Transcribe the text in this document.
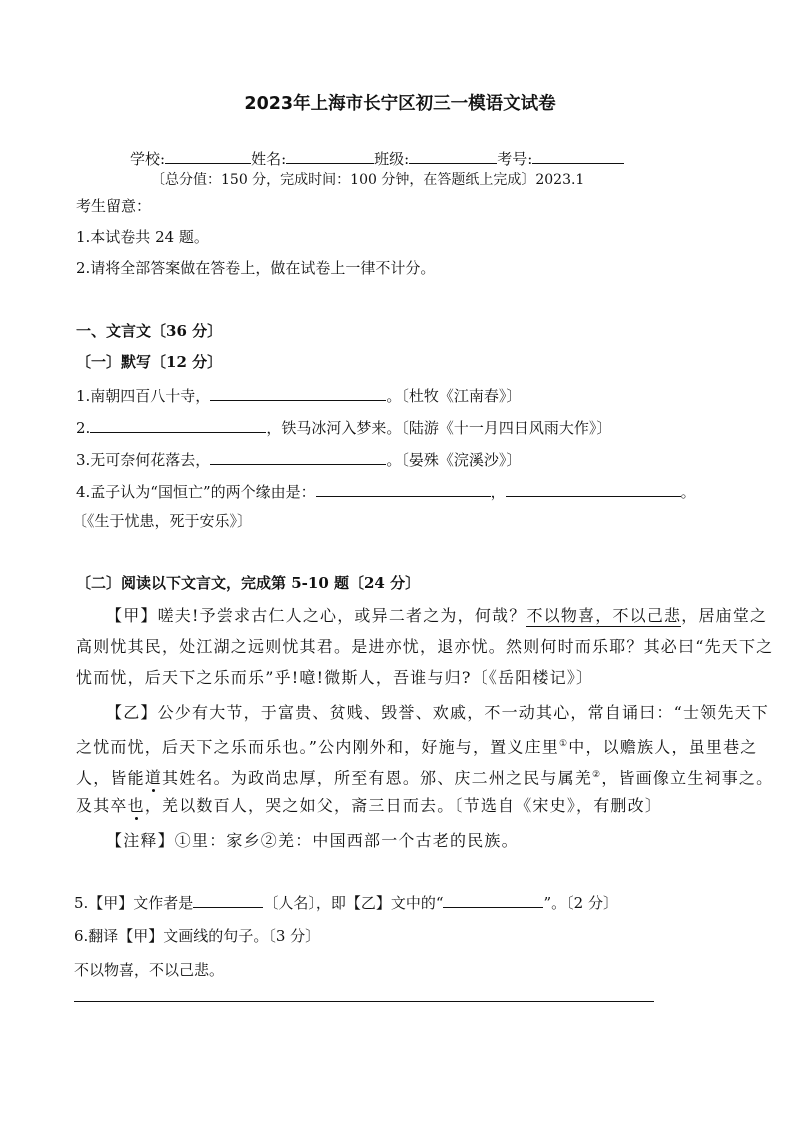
2023年上海市长宁区初三一模语文试卷
学校:	姓名:	班级:	考号:
〔总分值：150 分，完成时间：100 分钟，在答题纸上完成〕2023.1
考生留意：
1.本试卷共 24 题。
2.请将全部答案做在答卷上，做在试卷上一律不计分。
一、文言文〔36 分〕
〔一〕默写〔12 分〕
1.南朝四百八十寺，	。〔杜牧《江南春》〕
2.	，铁马冰河入梦来。〔陆游《十一月四日风雨大作》〕
3.无可奈何花落去，	。〔晏殊《浣溪沙》〕
4.孟子认为“国恒亡”的两个缘由是：	，	。
〔《生于忧患，死于安乐》〕
〔二〕阅读以下文言文，完成第 5-10 题〔24 分〕
【甲】嗟夫!予尝求古仁人之心，或异二者之为，何哉？不以物喜，不以己悲，居庙堂之
高则忧其民，处江湖之远则忧其君。是进亦忧，退亦忧。然则何时而乐耶？其必曰“先天下之
忧而忧，后天下之乐而乐”乎!噫!微斯人，吾谁与归?〔《岳阳楼记》〕
【乙】公少有大节，于富贵、贫贱、毁誉、欢戚，不一动其心，常自诵曰：“士领先天下
之忧而忧，后天下之乐而乐也。”公内刚外和，好施与，置义庄里①中，以赡族人，虽里巷之
人，皆能道其姓名。为政尚忠厚，所至有恩。邠、庆二州之民与属羌②，皆画像立生祠事之。
及其卒也，羌以数百人，哭之如父，斋三日而去。〔节选自《宋史》，有删改〕
【注释】①里：家乡②羌：中国西部一个古老的民族。
5.【甲】文作者是	〔人名〕，即【乙】文中的“	”。〔2 分〕
6.翻译【甲】文画线的句子。〔3 分〕
不以物喜，不以己悲。
